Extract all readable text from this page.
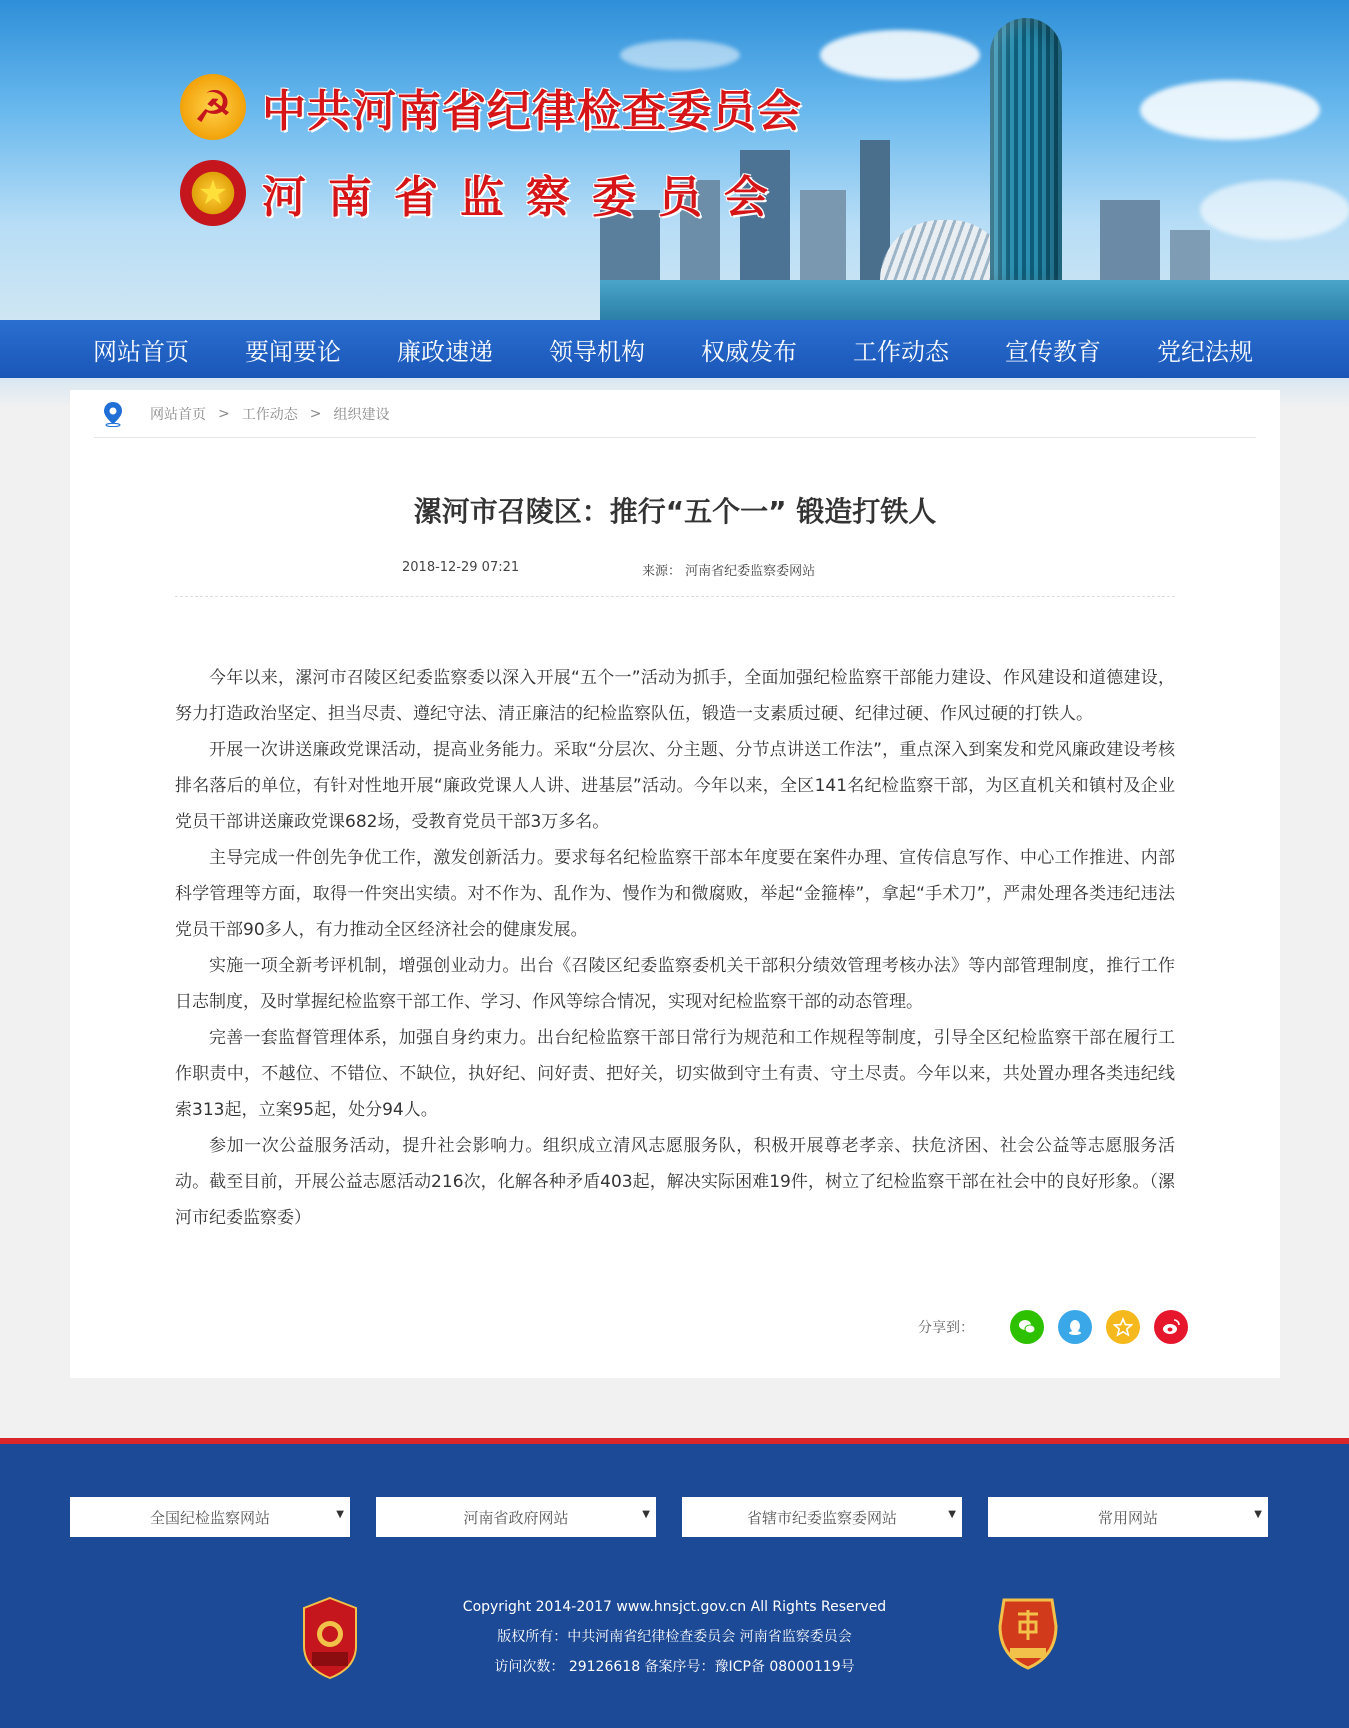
☭ 中共河南省纪律检查委员会
★ 河南省监察委员会
网站首页	要闻要论	廉政速递	领导机构	权威发布	工作动态	宣传教育	党纪法规
网站首页 > 工作动态 > 组织建设
漯河市召陵区：推行“五个一” 锻造打铁人
2018-12-29 07:21	来源： 河南省纪委监察委网站

今年以来，漯河市召陵区纪委监察委以深入开展“五个一”活动为抓手，全面加强纪检监察干部能力建设、作风建设和道德建设，努力打造政治坚定、担当尽责、遵纪守法、清正廉洁的纪检监察队伍，锻造一支素质过硬、纪律过硬、作风过硬的打铁人。

开展一次讲送廉政党课活动，提高业务能力。采取“分层次、分主题、分节点讲送工作法”，重点深入到案发和党风廉政建设考核排名落后的单位，有针对性地开展“廉政党课人人讲、进基层”活动。今年以来，全区141名纪检监察干部，为区直机关和镇村及企业党员干部讲送廉政党课682场，受教育党员干部3万多名。

主导完成一件创先争优工作，激发创新活力。要求每名纪检监察干部本年度要在案件办理、宣传信息写作、中心工作推进、内部科学管理等方面，取得一件突出实绩。对不作为、乱作为、慢作为和微腐败，举起“金箍棒”，拿起“手术刀”，严肃处理各类违纪违法党员干部90多人，有力推动全区经济社会的健康发展。

实施一项全新考评机制，增强创业动力。出台《召陵区纪委监察委机关干部积分绩效管理考核办法》等内部管理制度，推行工作日志制度，及时掌握纪检监察干部工作、学习、作风等综合情况，实现对纪检监察干部的动态管理。

完善一套监督管理体系，加强自身约束力。出台纪检监察干部日常行为规范和工作规程等制度，引导全区纪检监察干部在履行工作职责中，不越位、不错位、不缺位，执好纪、问好责、把好关，切实做到守土有责、守土尽责。今年以来，共处置办理各类违纪线索313起，立案95起，处分94人。

参加一次公益服务活动，提升社会影响力。组织成立清风志愿服务队，积极开展尊老孝亲、扶危济困、社会公益等志愿服务活动。截至目前，开展公益志愿活动216次，化解各种矛盾403起，解决实际困难19件，树立了纪检监察干部在社会中的良好形象。（漯河市纪委监察委）

分享到：
全国纪检监察网站	▼	河南省政府网站	▼	省辖市纪委监察委网站	▼	常用网站	▼
Copyright 2014-2017 www.hnsjct.gov.cn All Rights Reserved
版权所有：中共河南省纪律检查委员会 河南省监察委员会
访问次数： 29126618 备案序号：豫ICP备 08000119号
